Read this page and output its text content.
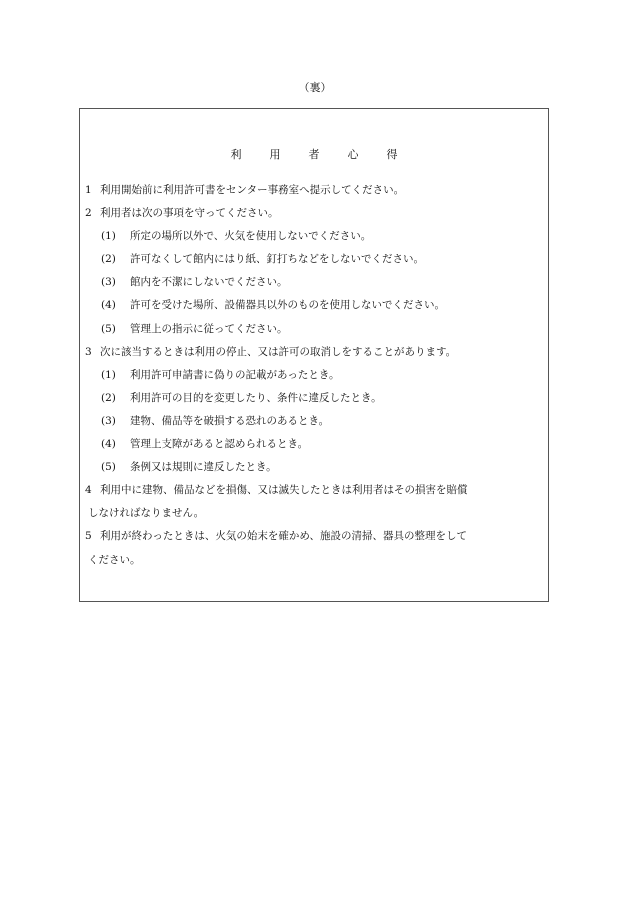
（裏）
利	用	者	心	得
1 利用開始前に利用許可書をセンター事務室へ提示してください。
2 利用者は次の事項を守ってください。
(1) 所定の場所以外で、火気を使用しないでください。
(2) 許可なくして館内にはり紙、釘打ちなどをしないでください。
(3) 館内を不潔にしないでください。
(4) 許可を受けた場所、設備器具以外のものを使用しないでください。
(5) 管理上の指示に従ってください。
3 次に該当するときは利用の停止、又は許可の取消しをすることがあります。
(1) 利用許可申請書に偽りの記載があったとき。
(2) 利用許可の目的を変更したり、条件に違反したとき。
(3) 建物、備品等を破損する恐れのあるとき。
(4) 管理上支障があると認められるとき。
(5) 条例又は規則に違反したとき。
4 利用中に建物、備品などを損傷、又は滅失したときは利用者はその損害を賠償
しなければなりません。
5 利用が終わったときは、火気の始末を確かめ、施設の清掃、器具の整理をして
ください。
